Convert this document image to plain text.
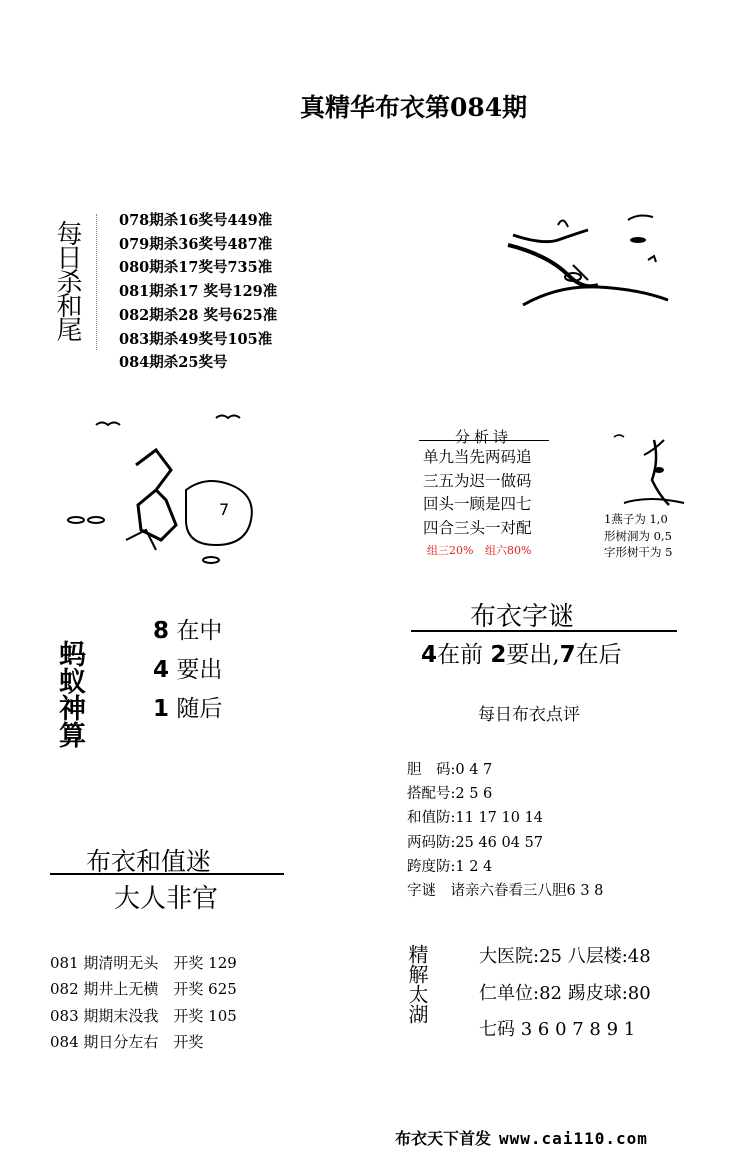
真精华布衣第084期
每日杀和尾	078期杀16奖号449准
079期杀36奖号487准
080期杀17奖号735准
081期杀17 奖号129准
082期杀28 奖号625准
083期杀49奖号105准
084期杀25奖号
7
分析诗
单九当先两码追
三五为迟一做码
回头一顾是四七
四合三头一对配
组三20% 组六80%
1燕子为 1,0
形树洞为 0,5
字形树干为 5
蚂蚁神算
8 在中
4 要出
1 随后
布衣字谜
4在前 2要出,7在后
每日布衣点评
胆　码:0 4 7
搭配号:2 5 6
和值防:11 17 10 14
两码防:25 46 04 57
跨度防:1 2 4
字谜　诸亲六眷看三八胆6 3 8
布衣和值迷
大人非官
081 期清明无头　开奖 129
082 期井上无横　开奖 625
083 期期末没我　开奖 105
084 期日分左右　开奖
精解太湖	大医院:25 八层楼:48
仁单位:82 踢皮球:80
七码 3 6 0 7 8 9 1
布衣天下首发 www.cai110.com
